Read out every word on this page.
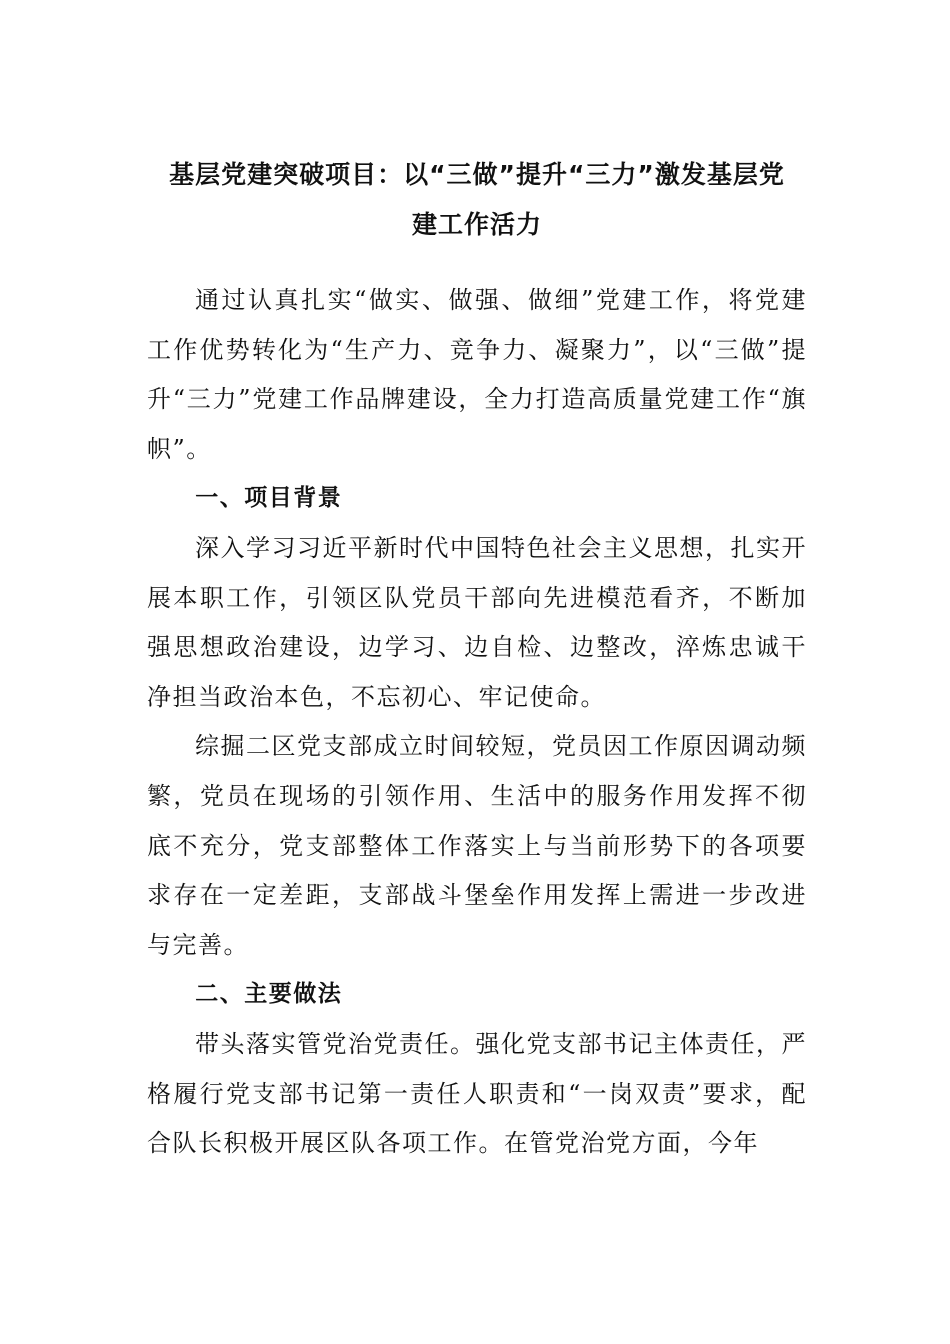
基层党建突破项目：以“三做”提升“三力”激发基层党
建工作活力

通过认真扎实“做实、做强、做细”党建工作，将党建工作优势转化为“生产力、竞争力、凝聚力”，以“三做”提升“三力”党建工作品牌建设，全力打造高质量党建工作“旗帜”。

一、项目背景

深入学习习近平新时代中国特色社会主义思想，扎实开展本职工作，引领区队党员干部向先进模范看齐，不断加强思想政治建设，边学习、边自检、边整改，淬炼忠诚干净担当政治本色，不忘初心、牢记使命。

综掘二区党支部成立时间较短，党员因工作原因调动频繁，党员在现场的引领作用、生活中的服务作用发挥不彻底不充分，党支部整体工作落实上与当前形势下的各项要求存在一定差距，支部战斗堡垒作用发挥上需进一步改进与完善。

二、主要做法

带头落实管党治党责任。强化党支部书记主体责任，严格履行党支部书记第一责任人职责和“一岗双责”要求，配合队长积极开展区队各项工作。在管党治党方面，今年
